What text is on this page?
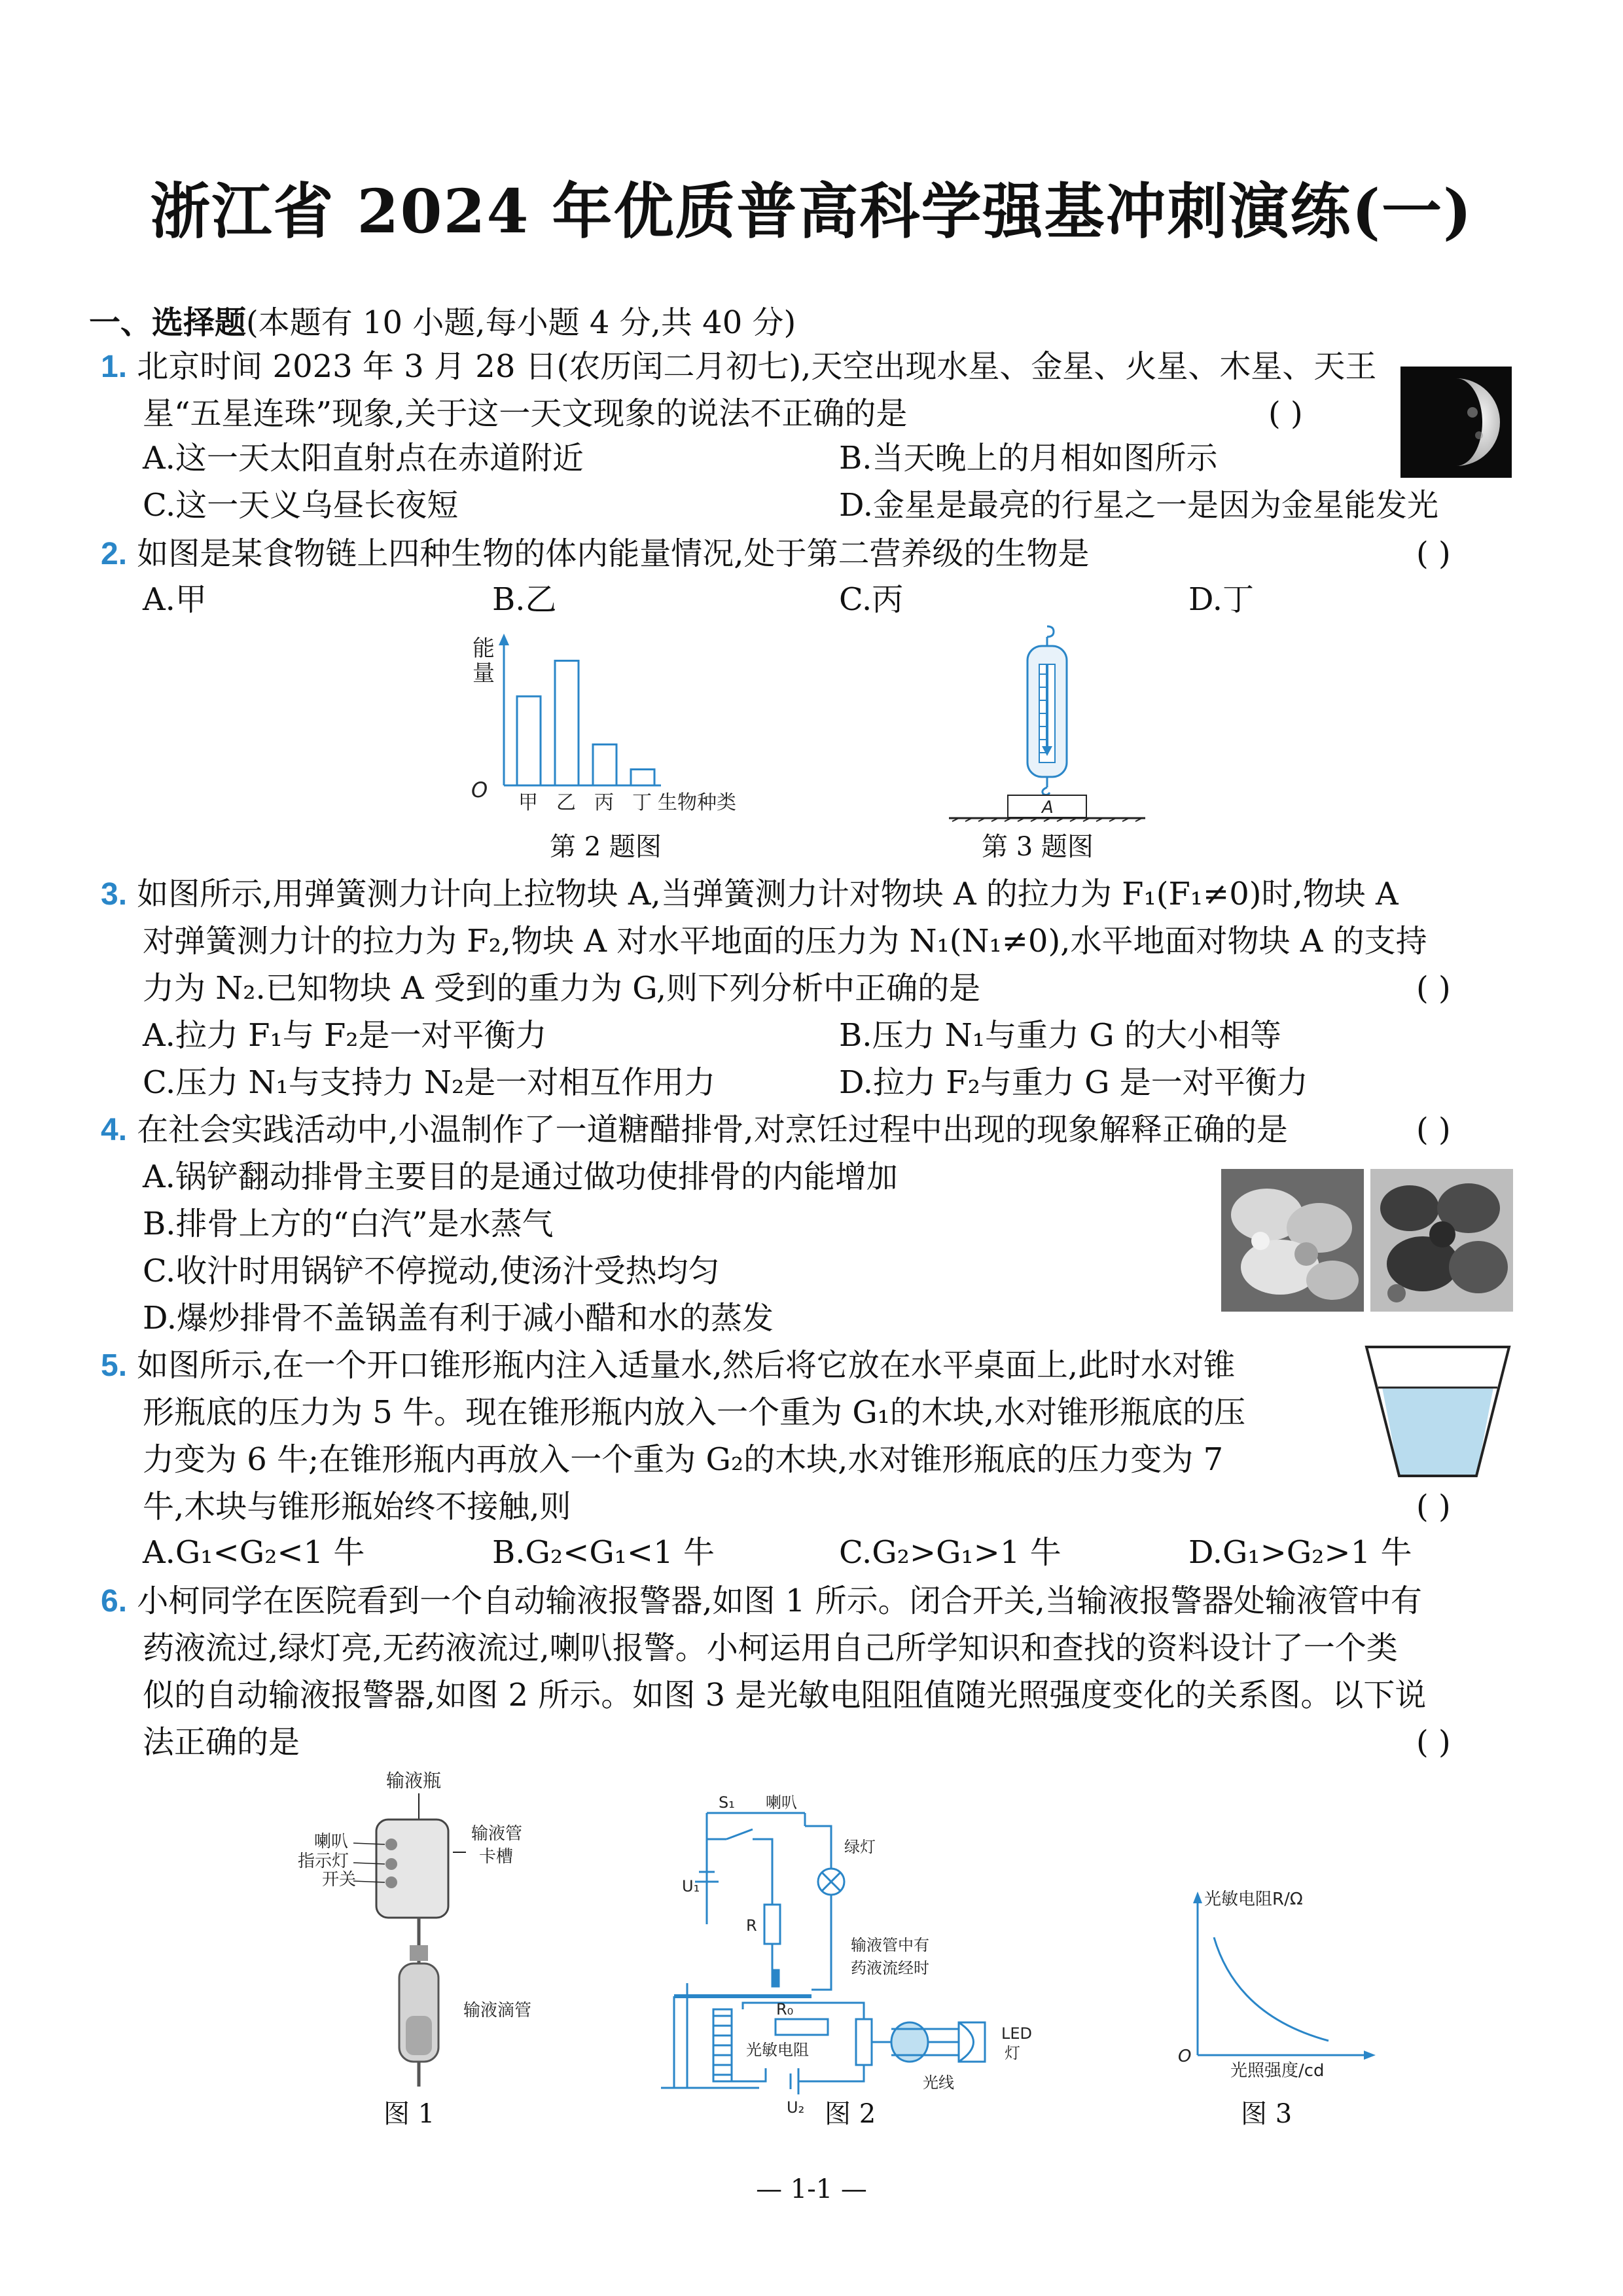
浙江省 2024 年优质普高科学强基冲刺演练(一)
一、选择题(本题有 10 小题,每小题 4 分,共 40 分)
1. 北京时间 2023 年 3 月 28 日(农历闰二月初七),天空出现水星、金星、火星、木星、天王
星“五星连珠”现象,关于这一天文现象的说法不正确的是	( )
A.这一天太阳直射点在赤道附近	B.当天晚上的月相如图所示
C.这一天义乌昼长夜短	D.金星是最亮的行星之一是因为金星能发光
2. 如图是某食物链上四种生物的体内能量情况,处于第二营养级的生物是	( )
A.甲	B.乙	C.丙	D.丁
能
量
O
甲 乙 丙 丁 生物种类
第 2 题图
A
第 3 题图
3. 如图所示,用弹簧测力计向上拉物块 A,当弹簧测力计对物块 A 的拉力为 F₁(F₁≠0)时,物块 A
对弹簧测力计的拉力为 F₂,物块 A 对水平地面的压力为 N₁(N₁≠0),水平地面对物块 A 的支持
力为 N₂.已知物块 A 受到的重力为 G,则下列分析中正确的是	( )
A.拉力 F₁与 F₂是一对平衡力	B.压力 N₁与重力 G 的大小相等
C.压力 N₁与支持力 N₂是一对相互作用力	D.拉力 F₂与重力 G 是一对平衡力
4. 在社会实践活动中,小温制作了一道糖醋排骨,对烹饪过程中出现的现象解释正确的是	( )
A.锅铲翻动排骨主要目的是通过做功使排骨的内能增加
B.排骨上方的“白汽”是水蒸气
C.收汁时用锅铲不停搅动,使汤汁受热均匀
D.爆炒排骨不盖锅盖有利于减小醋和水的蒸发
5. 如图所示,在一个开口锥形瓶内注入适量水,然后将它放在水平桌面上,此时水对锥
形瓶底的压力为 5 牛。现在锥形瓶内放入一个重为 G₁的木块,水对锥形瓶底的压
力变为 6 牛;在锥形瓶内再放入一个重为 G₂的木块,水对锥形瓶底的压力变为 7
牛,木块与锥形瓶始终不接触,则	( )
A.G₁<G₂<1 牛	B.G₂<G₁<1 牛	C.G₂>G₁>1 牛	D.G₁>G₂>1 牛
6. 小柯同学在医院看到一个自动输液报警器,如图 1 所示。闭合开关,当输液报警器处输液管中有
药液流过,绿灯亮,无药液流过,喇叭报警。小柯运用自己所学知识和查找的资料设计了一个类
似的自动输液报警器,如图 2 所示。如图 3 是光敏电阻阻值随光照强度变化的关系图。以下说
法正确的是	( )
输液瓶
喇叭
指示灯
开关
输液管
卡槽
输液滴管
图 1
S₁ 喇叭
绿灯
U₁
R
输液管中有
药液流经时
R₀
光敏电阻
LED
灯
光线
U₂ 图 2
光敏电阻R/Ω
O
光照强度/cd
图 3
— 1-1 —
